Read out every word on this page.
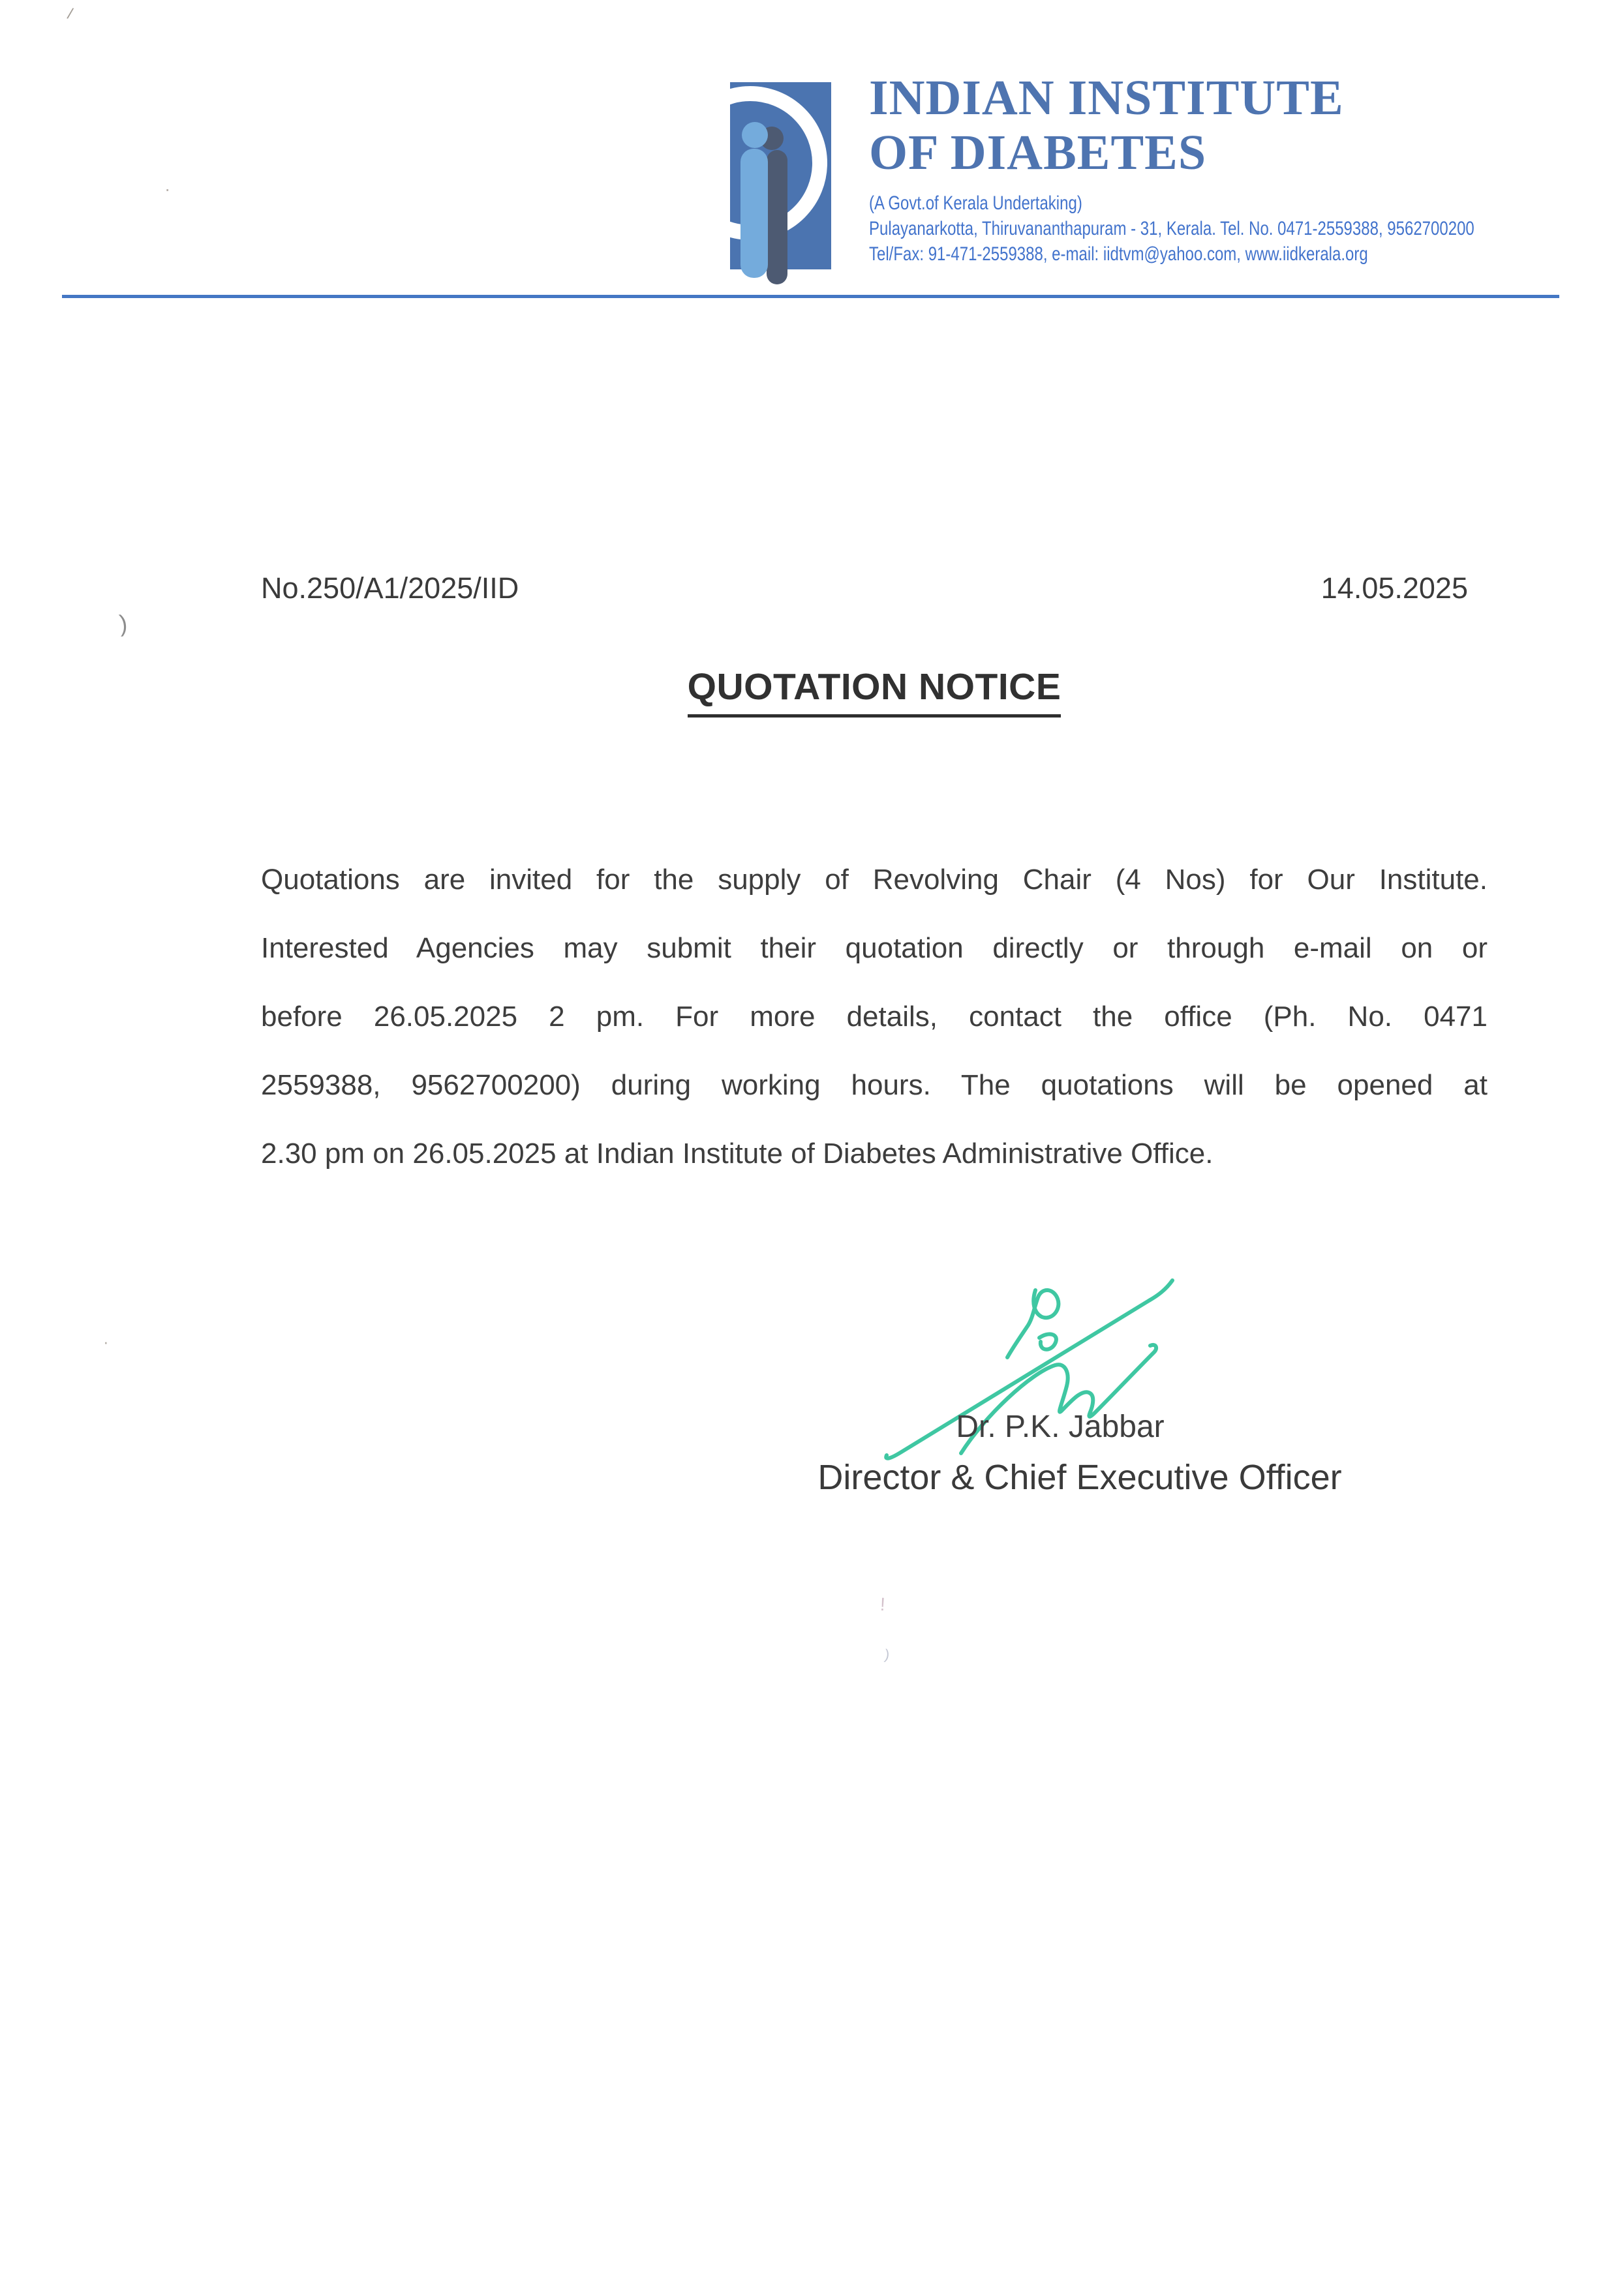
INDIAN INSTITUTE
OF DIABETES
(A Govt.of Kerala Undertaking)
Pulayanarkotta, Thiruvananthapuram - 31, Kerala. Tel. No. 0471-2559388, 9562700200
Tel/Fax: 91-471-2559388, e-mail: iidtvm@yahoo.com, www.iidkerala.org
No.250/A1/2025/IID	14.05.2025
QUOTATION NOTICE
Quotations are invited for the supply of Revolving Chair (4 Nos) for Our Institute.
Interested Agencies may submit their quotation directly or through e-mail on or
before 26.05.2025 2 pm. For more details, contact the office (Ph. No. 0471
2559388, 9562700200) during working hours. The quotations will be opened at
2.30 pm on 26.05.2025 at Indian Institute of Diabetes Administrative Office.
Dr. P.K. Jabbar
Director & Chief Executive Officer
/
·
)
·
!
)
